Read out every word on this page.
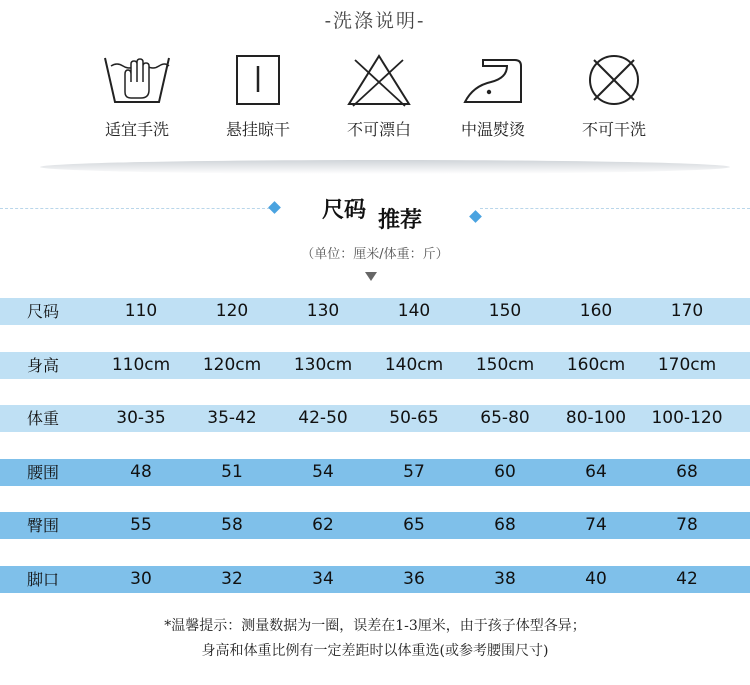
-洗涤说明-
适宜手洗	悬挂晾干	不可漂白	中温熨烫	不可干洗
尺码 推荐
（单位：厘米/体重：斤）
尺码	110	120	130	140	150	160	170
身高	110cm	120cm	130cm	140cm	150cm	160cm	170cm
体重	30-35	35-42	42-50	50-65	65-80	80-100	100-120
腰围	48	51	54	57	60	64	68
臀围	55	58	62	65	68	74	78
脚口	30	32	34	36	38	40	42
*温馨提示：测量数据为一圈，误差在1-3厘米，由于孩子体型各异；
身高和体重比例有一定差距时以体重选(或参考腰围尺寸)
